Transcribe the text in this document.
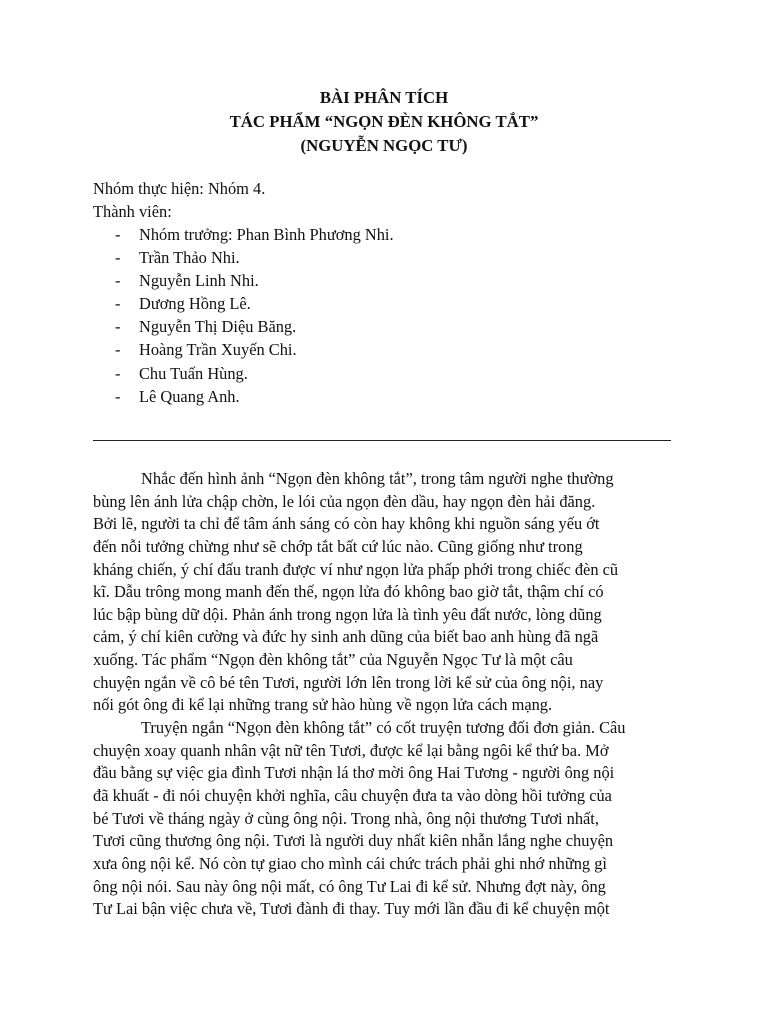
BÀI PHÂN TÍCH
TÁC PHẨM “NGỌN ĐÈN KHÔNG TẮT”
(NGUYỄN NGỌC TƯ)
Nhóm thực hiện: Nhóm 4.
Thành viên:
- Nhóm trưởng: Phan Bình Phương Nhi.
- Trần Thảo Nhi.
- Nguyễn Linh Nhi.
- Dương Hồng Lê.
- Nguyễn Thị Diệu Băng.
- Hoàng Trần Xuyến Chi.
- Chu Tuấn Hùng.
- Lê Quang Anh.
Nhắc đến hình ảnh “Ngọn đèn không tắt”, trong tâm người nghe thường
bùng lên ánh lửa chập chờn, le lói của ngọn đèn dầu, hay ngọn đèn hải đăng.
Bởi lẽ, người ta chỉ để tâm ánh sáng có còn hay không khi nguồn sáng yếu ớt
đến nỗi tưởng chừng như sẽ chớp tắt bất cứ lúc nào. Cũng giống như trong
kháng chiến, ý chí đấu tranh được ví như ngọn lửa phấp phới trong chiếc đèn cũ
kĩ. Dẫu trông mong manh đến thế, ngọn lửa đó không bao giờ tắt, thậm chí có
lúc bập bùng dữ dội. Phản ánh trong ngọn lửa là tình yêu đất nước, lòng dũng
cảm, ý chí kiên cường và đức hy sinh anh dũng của biết bao anh hùng đã ngã
xuống. Tác phẩm “Ngọn đèn không tắt” của Nguyễn Ngọc Tư là một câu
chuyện ngắn về cô bé tên Tươi, người lớn lên trong lời kể sử của ông nội, nay
nối gót ông đi kể lại những trang sử hào hùng về ngọn lửa cách mạng.
Truyện ngắn “Ngọn đèn không tắt” có cốt truyện tương đối đơn giản. Câu
chuyện xoay quanh nhân vật nữ tên Tươi, được kể lại bằng ngôi kể thứ ba. Mở
đầu bằng sự việc gia đình Tươi nhận lá thơ mời ông Hai Tương - người ông nội
đã khuất - đi nói chuyện khởi nghĩa, câu chuyện đưa ta vào dòng hồi tưởng của
bé Tươi về tháng ngày ở cùng ông nội. Trong nhà, ông nội thương Tươi nhất,
Tươi cũng thương ông nội. Tươi là người duy nhất kiên nhẫn lắng nghe chuyện
xưa ông nội kể. Nó còn tự giao cho mình cái chức trách phải ghi nhớ những gì
ông nội nói. Sau này ông nội mất, có ông Tư Lai đi kể sử. Nhưng đợt này, ông
Tư Lai bận việc chưa về, Tươi đành đi thay. Tuy mới lần đầu đi kể chuyện một
